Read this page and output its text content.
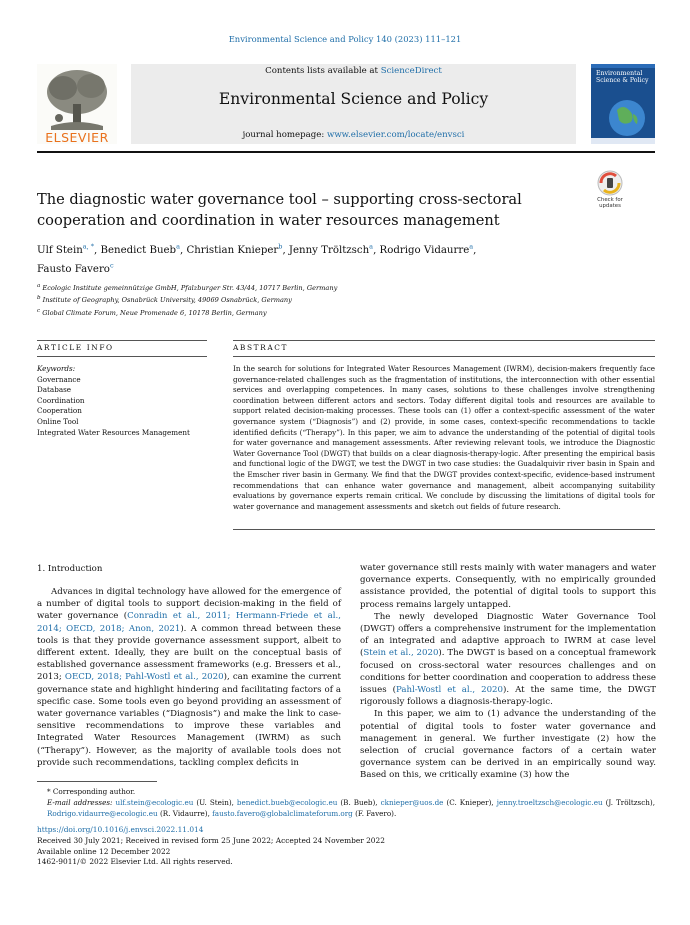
Environmental Science and Policy 140 (2023) 111–121
Contents lists available at ScienceDirect
Environmental Science and Policy
journal homepage: www.elsevier.com/locate/envsci
ELSEVIER
Environmental Science & Policy
Check for
updates
The diagnostic water governance tool – supporting cross-sectoral
cooperation and coordination in water resources management
Ulf Stein$^{a, *}$, Benedict Bueb$^a$, Christian Knieper$^b$, Jenny Tröltzsch$^a$, Rodrigo Vidaurre$^a$,
Fausto Favero$^c$
$^a$ Ecologic Institute gemeinnützige GmbH, Pfalzburger Str. 43/44, 10717 Berlin, Germany
$^b$ Institute of Geography, Osnabrück University, 49069 Osnabrück, Germany
$^c$ Global Climate Forum, Neue Promenade 6, 10178 Berlin, Germany
ARTICLE INFO	ABSTRACT
Keywords:
Governance
Database
Coordination
Cooperation
Online Tool
Integrated Water Resources Management
In the search for solutions for Integrated Water Resources Management (IWRM), decision-makers frequently face governance-related challenges such as the fragmentation of institutions, the interconnection with other essential services and overlapping competences. In many cases, solutions to these challenges involve strengthening coordination between different actors and sectors. Today different digital tools and resources are available to support related decision-making processes. These tools can (1) offer a context-specific assessment of the water governance system (“Diagnosis”) and (2) provide, in some cases, context-specific recommendations to tackle identified deficits (“Therapy”). In this paper, we aim to advance the understanding of the potential of digital tools for water governance and management assessments. After reviewing relevant tools, we introduce the Diagnostic Water Governance Tool (DWGT) that builds on a clear diagnosis-therapy-logic. After presenting the empirical basis and functional logic of the DWGT, we test the DWGT in two case studies: the Guadalquivir river basin in Spain and the Emscher river basin in Germany. We find that the DWGT provides context-specific, evidence-based instrument recommendations that can enhance water governance and management, albeit accompanying suitability evaluations by governance experts remain critical. We conclude by discussing the limitations of digital tools for water governance and management assessments and sketch out fields of future research.
1. Introduction

Advances in digital technology have allowed for the emergence of a number of digital tools to support decision-making in the field of water governance (Conradin et al., 2011; Hermann-Friede et al., 2014; OECD, 2018; Anon, 2021). A common thread between these tools is that they provide governance assessment support, albeit to different extent. Ideally, they are built on the conceptual basis of established governance assessment frameworks (e.g. Bressers et al., 2013; OECD, 2018; Pahl-Wostl et al., 2020), can examine the current governance state and highlight hindering and facilitating factors of a specific case. Some tools even go beyond providing an assessment of water governance variables (“Diagnosis”) and make the link to case-sensitive recommendations to improve these variables and Integrated Water Resources Management (IWRM) as such (“Therapy”). However, as the majority of available tools does not provide such recommendations, tackling complex deficits in

water governance still rests mainly with water managers and water governance experts. Consequently, with no empirically grounded assistance provided, the potential of digital tools to support this process remains largely untapped.

The newly developed Diagnostic Water Governance Tool (DWGT) offers a comprehensive instrument for the implementation of an integrated and adaptive approach to IWRM at case level (Stein et al., 2020). The DWGT is based on a conceptual framework focused on cross-sectoral water resources challenges and on conditions for better coordination and cooperation to address these issues (Pahl-Wostl et al., 2020). At the same time, the DWGT rigorously follows a diagnosis-therapy-logic.

In this paper, we aim to (1) advance the understanding of the potential of digital tools to foster water governance and management in general. We further investigate (2) how the selection of crucial governance factors of a certain water governance system can be derived in an empirically sound way. Based on this, we critically examine (3) how the

* Corresponding author.
E-mail addresses: ulf.stein@ecologic.eu (U. Stein), benedict.bueb@ecologic.eu (B. Bueb), cknieper@uos.de (C. Knieper), jenny.troeltzsch@ecologic.eu (J. Tröltzsch), Rodrigo.vidaurre@ecologic.eu (R. Vidaurre), fausto.favero@globalclimateforum.org (F. Favero).
https://doi.org/10.1016/j.envsci.2022.11.014
Received 30 July 2021; Received in revised form 25 June 2022; Accepted 24 November 2022
Available online 12 December 2022
1462-9011/© 2022 Elsevier Ltd. All rights reserved.
